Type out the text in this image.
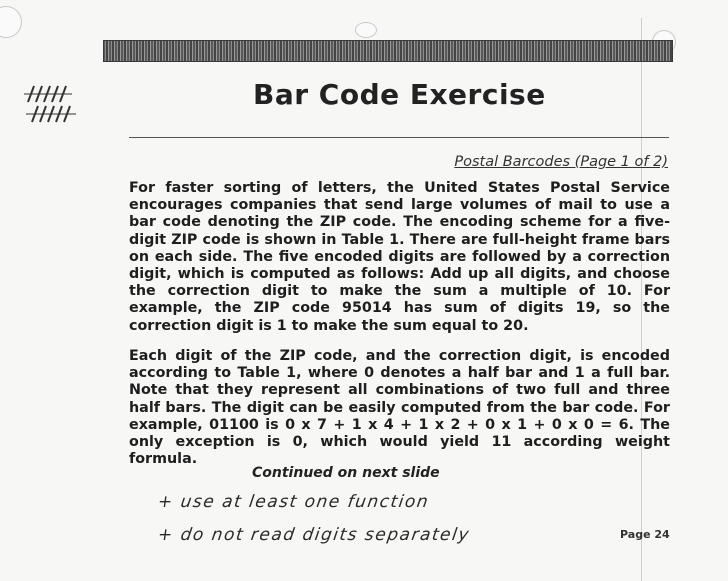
Bar Code Exercise
Postal Barcodes (Page 1 of 2)

For faster sorting of letters, the United States Postal Service encourages companies that send large volumes of mail to use a bar code denoting the ZIP code. The encoding scheme for a five-digit ZIP code is shown in Table 1. There are full-height frame bars on each side. The five encoded digits are followed by a correction digit, which is computed as follows: Add up all digits, and choose the correction digit to make the sum a multiple of 10. For example, the ZIP code 95014 has sum of digits 19, so the correction digit is 1 to make the sum equal to 20.

Each digit of the ZIP code, and the correction digit, is encoded according to Table 1, where 0 denotes a half bar and 1 a full bar. Note that they represent all combinations of two full and three half bars. The digit can be easily computed from the bar code. For example, 01100 is 0 x 7 + 1 x 4 + 1 x 2 + 0 x 1 + 0 x 0 = 6. The only exception is 0, which would yield 11 according weight formula.

Continued on next slide
+ use at least one function
+ do not read digits separately	Page 24
